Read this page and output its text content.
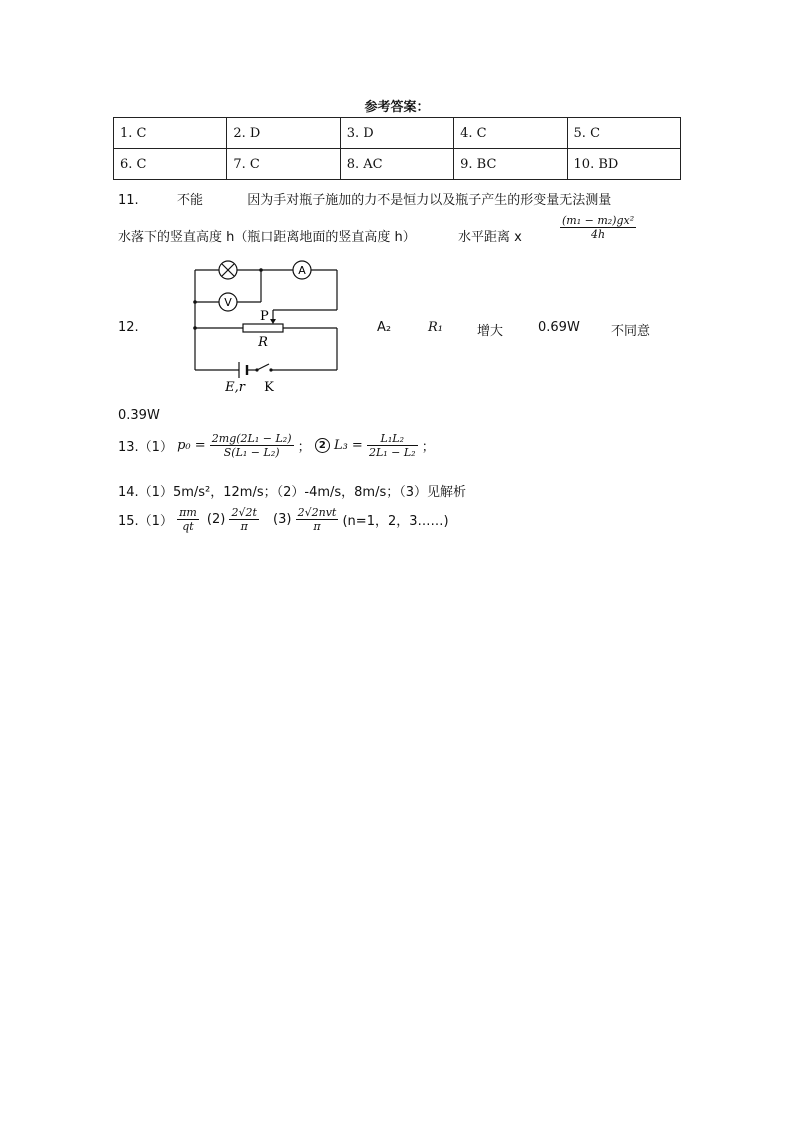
参考答案：
1. C	2. D	3. D	4. C	5. C
6. C	7. C	8. AC	9. BC	10. BD
11.	不能	因为手对瓶子施加的力不是恒力以及瓶子产生的形变量无法测量
水落下的竖直高度 h（瓶口距离地面的竖直高度 h）	水平距离 x	$\frac{\text{(m₁ − m₂)gx²}}{4h}$
12.
A
V
P
R
E,r K
A₂	R₁	增大	0.69W 不同意
0.39W
13.（1） $p_0 = \frac{\text{2mg(2L₁ − L₂)}}{\text{S(L₁ − L₂)}}$ ； 2 $L_3 = \frac{\text{L₁L₂}}{\text{2L₁ − L₂}}$ ；
14.（1）5m/s²，12m/s；（2）-4m/s，8m/s；（3）见解析
$15.(1) \frac{\pi m}{qt} (2) \frac{2√2t}{\pi} (3) \frac{\text{2√2nvt}}{\pi} (n=1$，2，3……)
